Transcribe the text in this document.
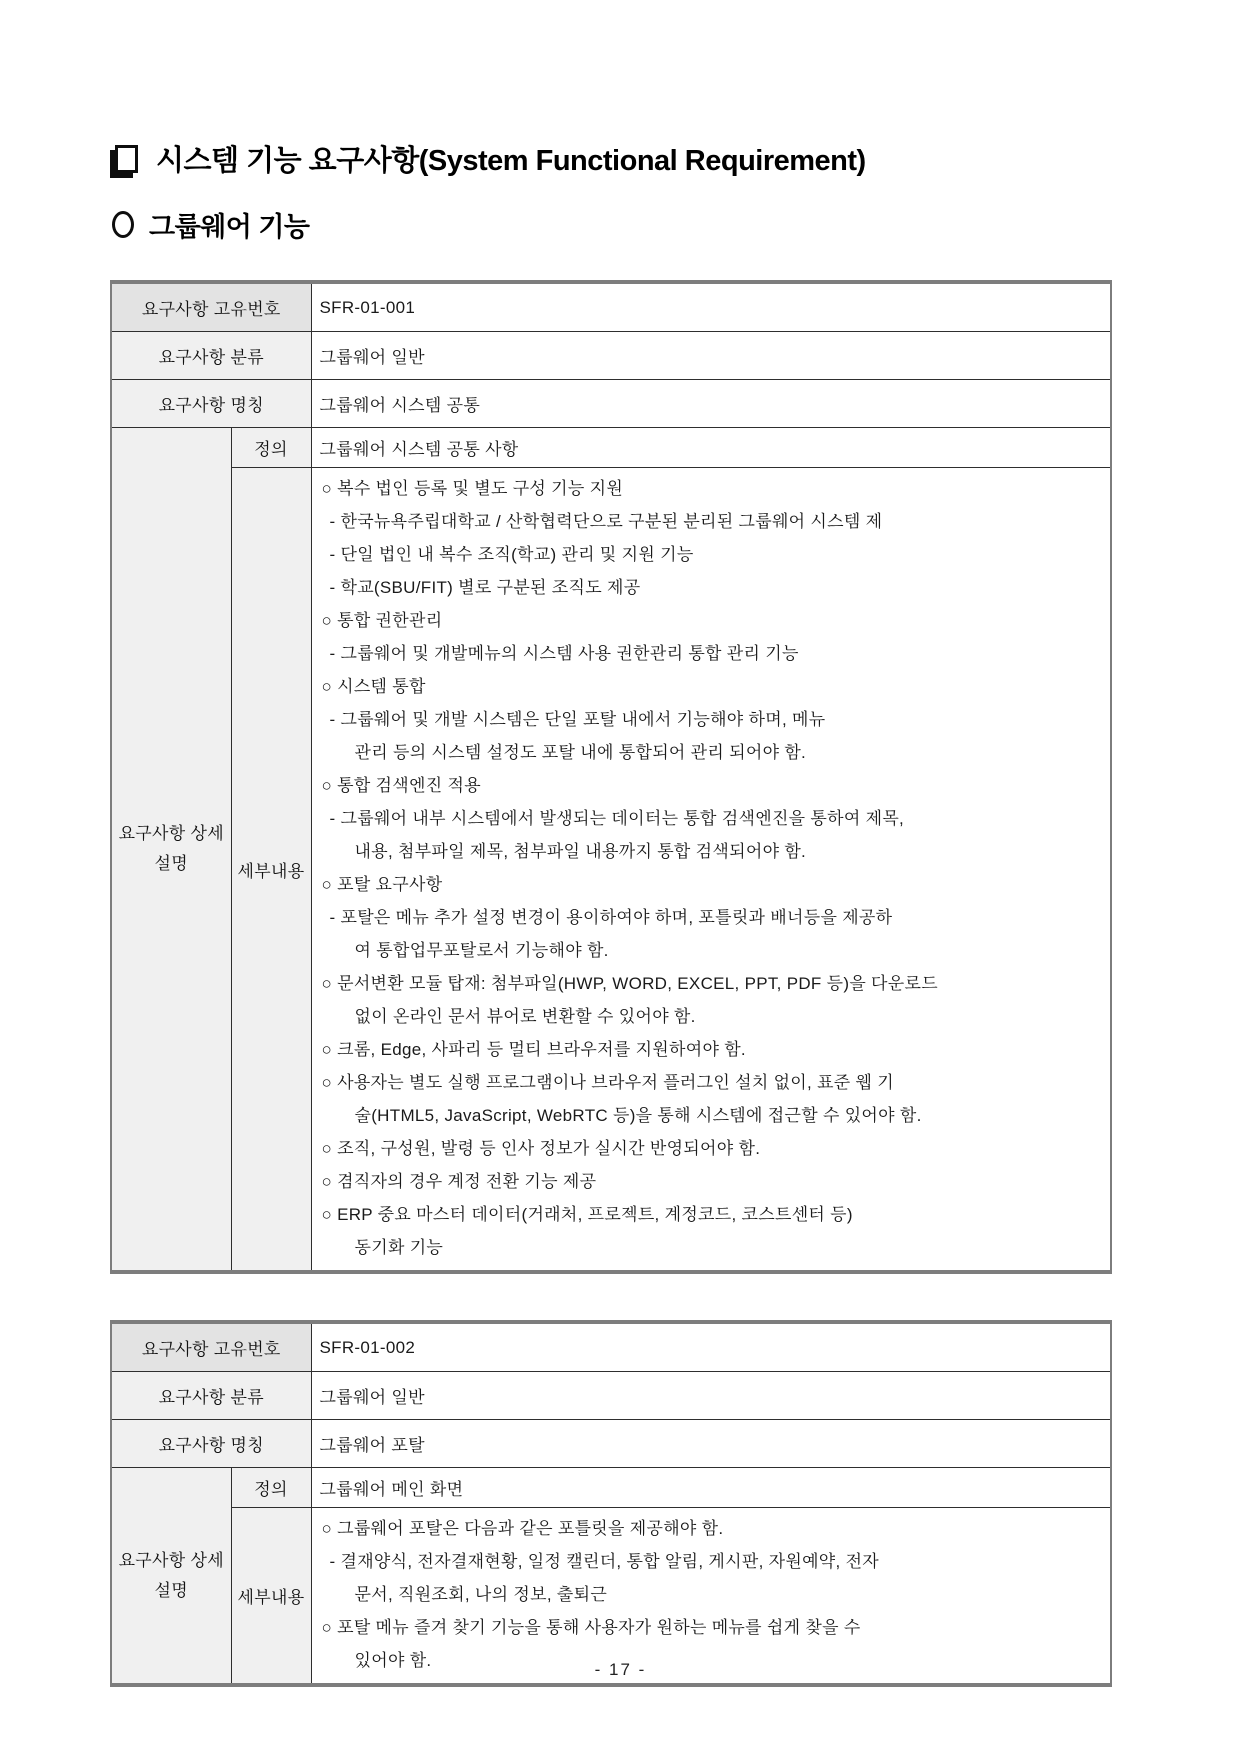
시스템 기능 요구사항(System Functional Requirement)
그룹웨어 기능
요구사항 고유번호		SFR-01-001
요구사항 분류		그룹웨어 일반
요구사항 명칭		그룹웨어 시스템 공통
요구사항 상세설명	정의	그룹웨어 시스템 공통 사항
세부내용	
○ 복수 법인 등록 및 별도 구성 기능 지원
- 한국뉴욕주립대학교 / 산학협력단으로 구분된 분리된 그룹웨어 시스템 제
- 단일 법인 내 복수 조직(학교) 관리 및 지원 기능
- 학교(SBU/FIT) 별로 구분된 조직도 제공
○ 통합 권한관리
- 그룹웨어 및 개발메뉴의 시스템 사용 권한관리 통합 관리 기능
○ 시스템 통합
- 그룹웨어 및 개발 시스템은 단일 포탈 내에서 기능해야 하며, 메뉴
관리 등의 시스템 설정도 포탈 내에 통합되어 관리 되어야 함.
○ 통합 검색엔진 적용
- 그룹웨어 내부 시스템에서 발생되는 데이터는 통합 검색엔진을 통하여 제목,
내용, 첨부파일 제목, 첨부파일 내용까지 통합 검색되어야 함.
○ 포탈 요구사항
- 포탈은 메뉴 추가 설정 변경이 용이하여야 하며, 포틀릿과 배너등을 제공하
여 통합업무포탈로서 기능해야 함.
○ 문서변환 모듈 탑재: 첨부파일(HWP, WORD, EXCEL, PPT, PDF 등)을 다운로드
없이 온라인 문서 뷰어로 변환할 수 있어야 함.
○ 크롬, Edge, 사파리 등 멀티 브라우저를 지원하여야 함.
○ 사용자는 별도 실행 프로그램이나 브라우저 플러그인 설치 없이, 표준 웹 기
술(HTML5, JavaScript, WebRTC 등)을 통해 시스템에 접근할 수 있어야 함.
○ 조직, 구성원, 발령 등 인사 정보가 실시간 반영되어야 함.
○ 겸직자의 경우 계정 전환 기능 제공
○ ERP 중요 마스터 데이터(거래처, 프로젝트, 계정코드, 코스트센터 등)
동기화 기능
요구사항 고유번호		SFR-01-002
요구사항 분류		그룹웨어 일반
요구사항 명칭		그룹웨어 포탈
요구사항 상세설명	정의	그룹웨어 메인 화면
	세부내용	○ 그룹웨어 포탈은 다음과 같은 포틀릿을 제공해야 함.
- 결재양식, 전자결재현황, 일정 캘린더, 통합 알림, 게시판, 자원예약, 전자
문서, 직원조회, 나의 정보, 출퇴근
○ 포탈 메뉴 즐겨 찾기 기능을 통해 사용자가 원하는 메뉴를 쉽게 찾을 수
있어야 함.	- 17 -
